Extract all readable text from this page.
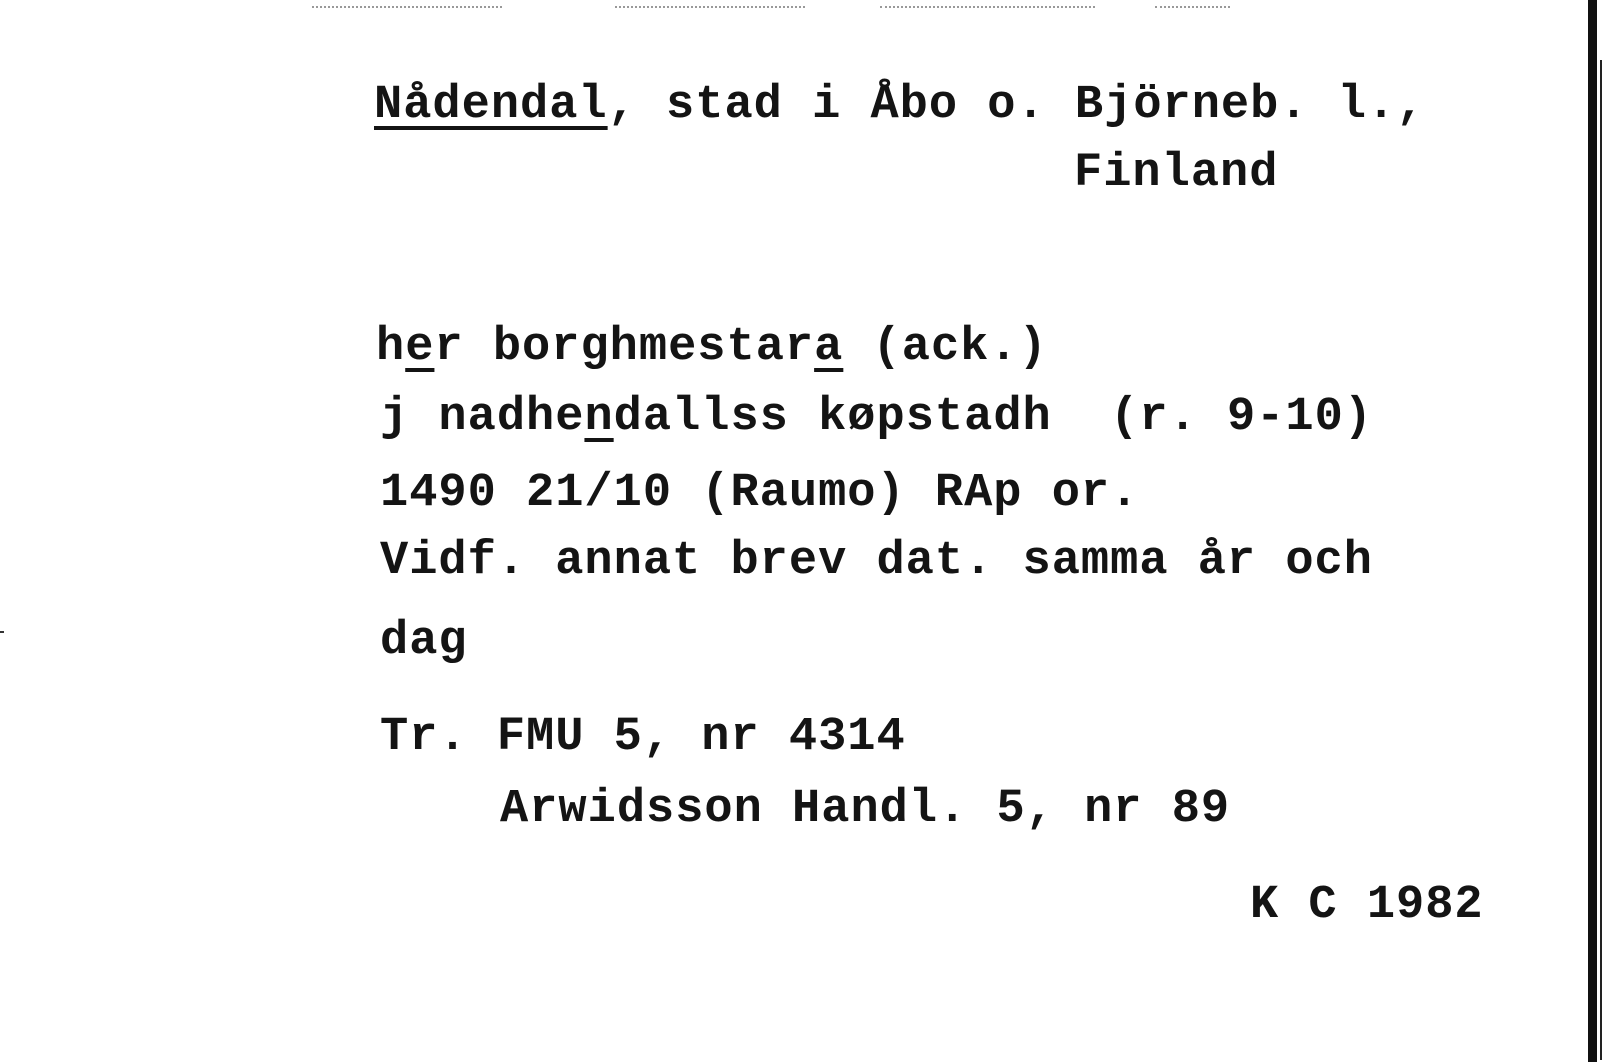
Nådendal, stad i Åbo o. Björneb. l.,
Finland
her borghmestara (ack.)
j nadhendallss køpstadh  (r. 9-10)
1490 21/10 (Raumo) RAp or.
Vidf. annat brev dat. samma år och
dag
Tr. FMU 5, nr 4314
Arwidsson Handl. 5, nr 89
K C 1982
